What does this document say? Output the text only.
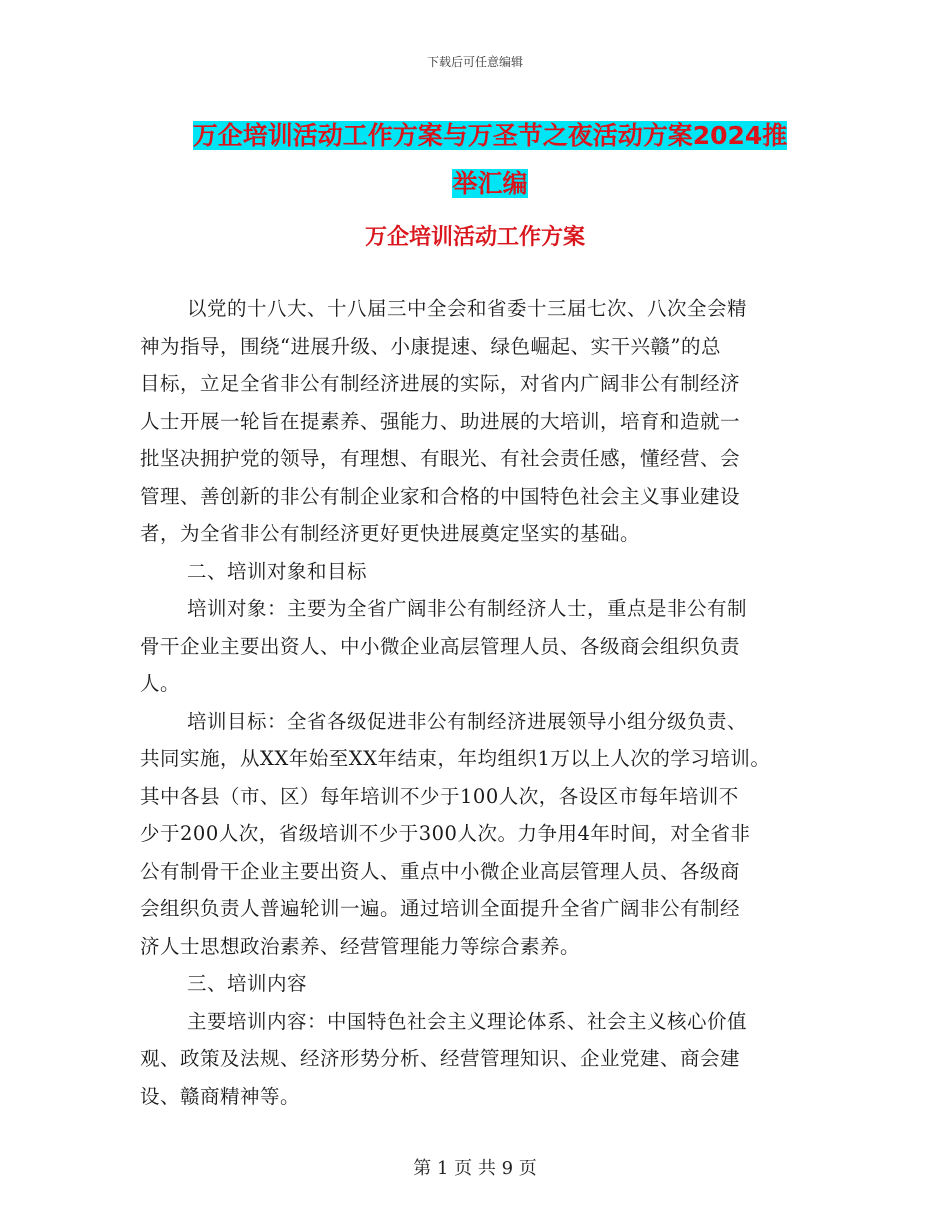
下载后可任意编辑
万企培训活动工作方案与万圣节之夜活动方案2024推
举汇编
万企培训活动工作方案
以党的十八大、十八届三中全会和省委十三届七次、八次全会精
神为指导，围绕“进展升级、小康提速、绿色崛起、实干兴赣”的总
目标，立足全省非公有制经济进展的实际，对省内广阔非公有制经济
人士开展一轮旨在提素养、强能力、助进展的大培训，培育和造就一
批坚决拥护党的领导，有理想、有眼光、有社会责任感，懂经营、会
管理、善创新的非公有制企业家和合格的中国特色社会主义事业建设
者，为全省非公有制经济更好更快进展奠定坚实的基础。
二、培训对象和目标
培训对象：主要为全省广阔非公有制经济人士，重点是非公有制
骨干企业主要出资人、中小微企业高层管理人员、各级商会组织负责
人。
培训目标：全省各级促进非公有制经济进展领导小组分级负责、
共同实施，从XX年始至XX年结束，年均组织1万以上人次的学习培训。
其中各县（市、区）每年培训不少于100人次，各设区市每年培训不
少于200人次，省级培训不少于300人次。力争用4年时间，对全省非
公有制骨干企业主要出资人、重点中小微企业高层管理人员、各级商
会组织负责人普遍轮训一遍。通过培训全面提升全省广阔非公有制经
济人士思想政治素养、经营管理能力等综合素养。
三、培训内容
主要培训内容：中国特色社会主义理论体系、社会主义核心价值
观、政策及法规、经济形势分析、经营管理知识、企业党建、商会建
设、赣商精神等。
第 1 页 共 9 页
